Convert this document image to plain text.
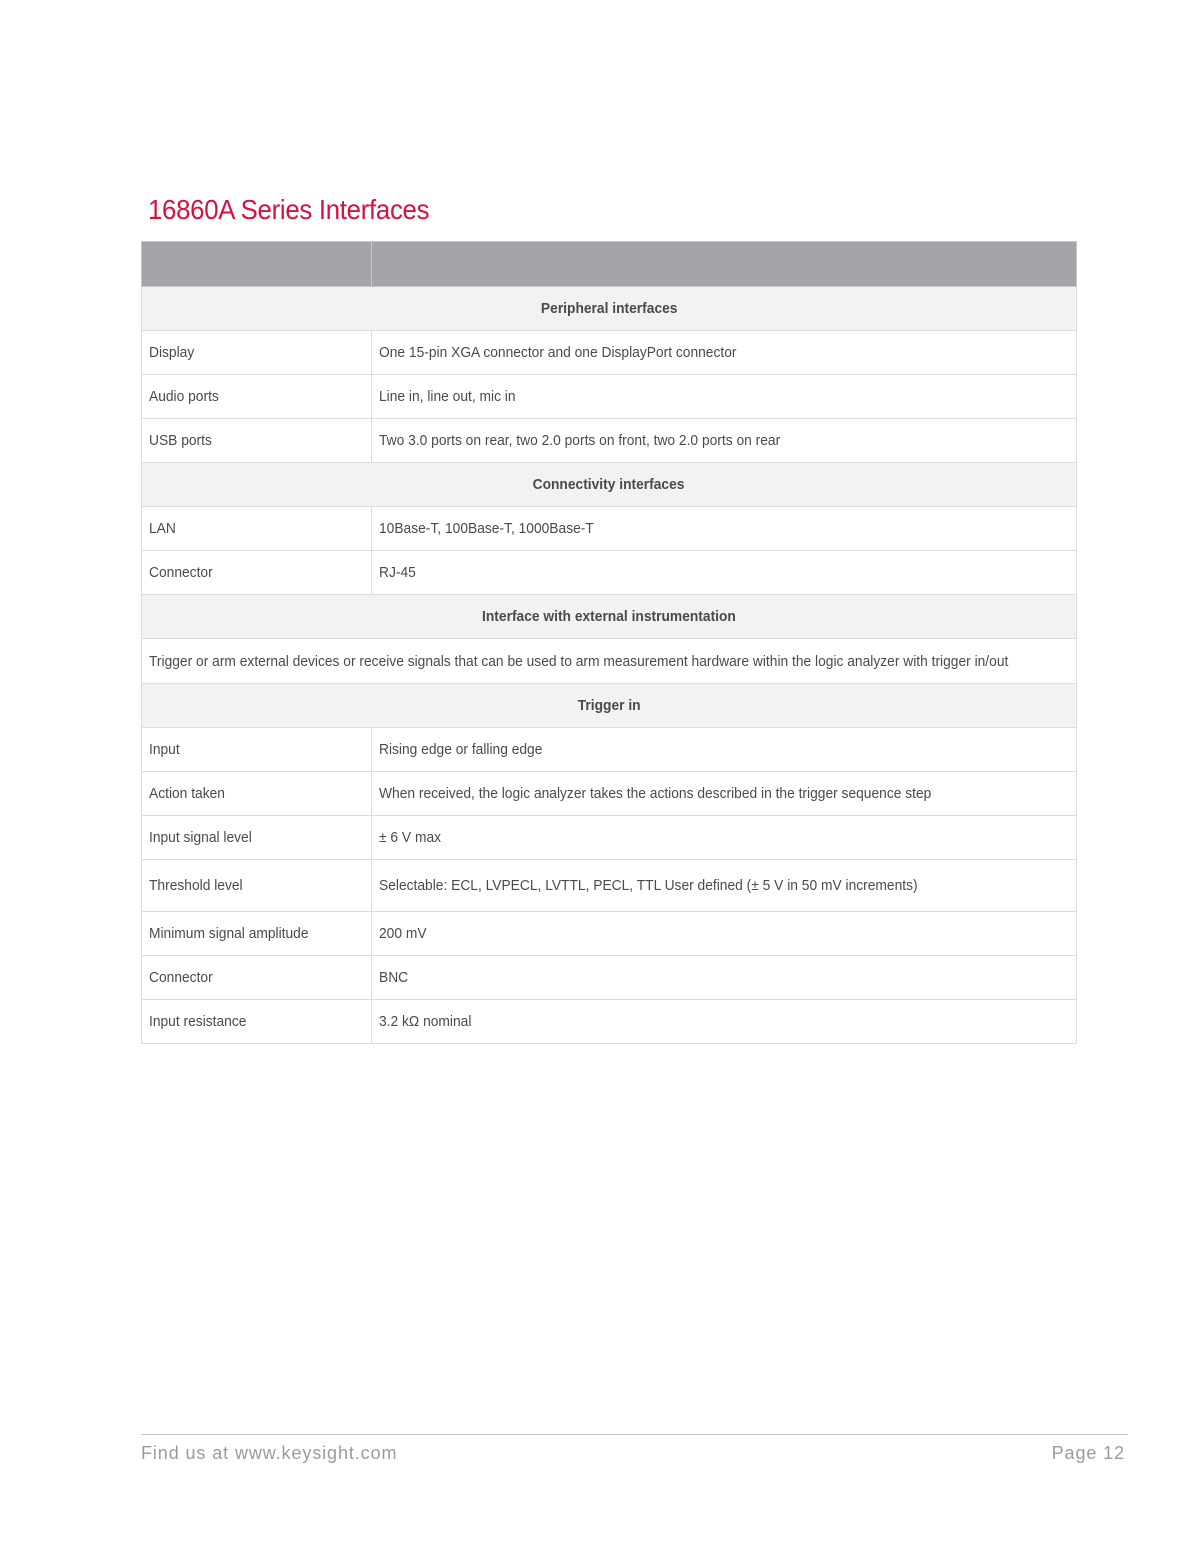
16860A Series Interfaces

Peripheral interfaces	
Display	One 15-pin XGA connector and one DisplayPort connector
Audio ports	Line in, line out, mic in
USB ports	Two 3.0 ports on rear, two 2.0 ports on front, two 2.0 ports on rear
Connectivity interfaces	
LAN	10Base-T, 100Base-T, 1000Base-T
Connector	RJ-45
Interface with external instrumentation	
Trigger or arm external devices or receive signals that can be used to arm measurement hardware within the logic analyzer with trigger in/out	
Trigger in	
Input	Rising edge or falling edge
Action taken	When received, the logic analyzer takes the actions described in the trigger sequence step
Input signal level	± 6 V max
Threshold level	Selectable: ECL, LVPECL, LVTTL, PECL, TTL User defined (± 5 V in 50 mV increments)
Minimum signal amplitude	200 mV
Connector	BNC
Input resistance	3.2 kΩ nominal
Find us at www.keysight.com	Page 12
